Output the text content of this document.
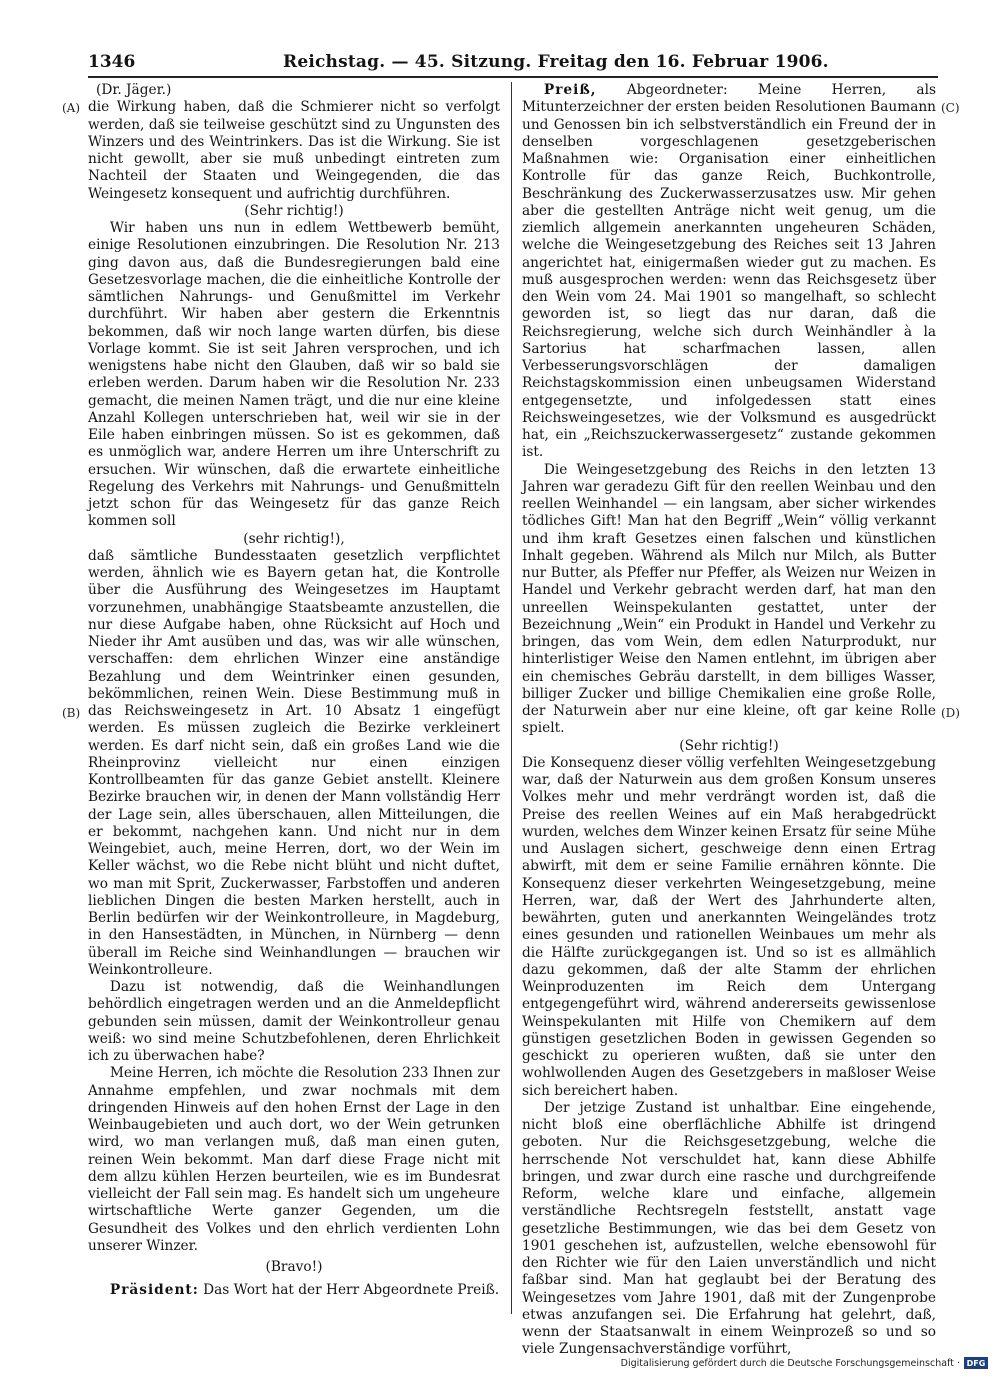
1346	Reichstag. — 45. Sitzung. Freitag den 16. Februar 1906.
(A)
(B)
(C)
(D)

(Dr. Jäger.)

die Wirkung haben, daß die Schmierer nicht so verfolgt werden, daß sie teilweise geschützt sind zu Ungunsten des Winzers und des Weintrinkers. Das ist die Wirkung. Sie ist nicht gewollt, aber sie muß unbedingt eintreten zum Nachteil der Staaten und Weingegenden, die das Weingesetz konsequent und aufrichtig durchführen.

(Sehr richtig!)

Wir haben uns nun in edlem Wettbewerb bemüht, einige Resolutionen einzubringen. Die Resolution Nr. 213 ging davon aus, daß die Bundesregierungen bald eine Gesetzesvorlage machen, die die einheitliche Kontrolle der sämtlichen Nahrungs- und Genußmittel im Verkehr durchführt. Wir haben aber gestern die Erkenntnis bekommen, daß wir noch lange warten dürfen, bis diese Vorlage kommt. Sie ist seit Jahren versprochen, und ich wenigstens habe nicht den Glauben, daß wir so bald sie erleben werden. Darum haben wir die Resolution Nr. 233 gemacht, die meinen Namen trägt, und die nur eine kleine Anzahl Kollegen unterschrieben hat, weil wir sie in der Eile haben einbringen müssen. So ist es gekommen, daß es unmöglich war, andere Herren um ihre Unterschrift zu ersuchen. Wir wünschen, daß die erwartete einheitliche Regelung des Verkehrs mit Nahrungs- und Genußmitteln jetzt schon für das Weingesetz für das ganze Reich kommen soll

(sehr richtig!),

daß sämtliche Bundesstaaten gesetzlich verpflichtet werden, ähnlich wie es Bayern getan hat, die Kontrolle über die Ausführung des Weingesetzes im Hauptamt vorzunehmen, unabhängige Staatsbeamte anzustellen, die nur diese Aufgabe haben, ohne Rücksicht auf Hoch und Nieder ihr Amt ausüben und das, was wir alle wünschen, verschaffen: dem ehrlichen Winzer eine anständige Bezahlung und dem Weintrinker einen gesunden, bekömmlichen, reinen Wein. Diese Bestimmung muß in das Reichsweingesetz in Art. 10 Absatz 1 eingefügt werden. Es müssen zugleich die Bezirke verkleinert werden. Es darf nicht sein, daß ein großes Land wie die Rheinprovinz vielleicht nur einen einzigen Kontrollbeamten für das ganze Gebiet anstellt. Kleinere Bezirke brauchen wir, in denen der Mann vollständig Herr der Lage sein, alles überschauen, allen Mitteilungen, die er bekommt, nachgehen kann. Und nicht nur in dem Weingebiet, auch, meine Herren, dort, wo der Wein im Keller wächst, wo die Rebe nicht blüht und nicht duftet, wo man mit Sprit, Zuckerwasser, Farbstoffen und anderen lieblichen Dingen die besten Marken herstellt, auch in Berlin bedürfen wir der Weinkontrolleure, in Magdeburg, in den Hansestädten, in München, in Nürnberg — denn überall im Reiche sind Weinhandlungen — brauchen wir Weinkontrolleure.

Dazu ist notwendig, daß die Weinhandlungen behördlich eingetragen werden und an die Anmeldepflicht gebunden sein müssen, damit der Weinkontrolleur genau weiß: wo sind meine Schutzbefohlenen, deren Ehrlichkeit ich zu überwachen habe?

Meine Herren, ich möchte die Resolution 233 Ihnen zur Annahme empfehlen, und zwar nochmals mit dem dringenden Hinweis auf den hohen Ernst der Lage in den Weinbaugebieten und auch dort, wo der Wein getrunken wird, wo man verlangen muß, daß man einen guten, reinen Wein bekommt. Man darf diese Frage nicht mit dem allzu kühlen Herzen beurteilen, wie es im Bundesrat vielleicht der Fall sein mag. Es handelt sich um ungeheure wirtschaftliche Werte ganzer Gegenden, um die Gesundheit des Volkes und den ehrlich verdienten Lohn unserer Winzer.

(Bravo!)

Präsident: Das Wort hat der Herr Abgeordnete Preiß.

Preiß, Abgeordneter: Meine Herren, als Mitunterzeichner der ersten beiden Resolutionen Baumann und Genossen bin ich selbstverständlich ein Freund der in denselben vorgeschlagenen gesetzgeberischen Maßnahmen wie: Organisation einer einheitlichen Kontrolle für das ganze Reich, Buchkontrolle, Beschränkung des Zuckerwasserzusatzes usw. Mir gehen aber die gestellten Anträge nicht weit genug, um die ziemlich allgemein anerkannten ungeheuren Schäden, welche die Weingesetzgebung des Reiches seit 13 Jahren angerichtet hat, einigermaßen wieder gut zu machen. Es muß ausgesprochen werden: wenn das Reichsgesetz über den Wein vom 24. Mai 1901 so mangelhaft, so schlecht geworden ist, so liegt das nur daran, daß die Reichsregierung, welche sich durch Weinhändler à la Sartorius hat scharfmachen lassen, allen Verbesserungsvorschlägen der damaligen Reichstagskommission einen unbeugsamen Widerstand entgegensetzte, und infolgedessen statt eines Reichsweingesetzes, wie der Volksmund es ausgedrückt hat, ein „Reichszuckerwassergesetz“ zustande gekommen ist.

Die Weingesetzgebung des Reichs in den letzten 13 Jahren war geradezu Gift für den reellen Weinbau und den reellen Weinhandel — ein langsam, aber sicher wirkendes tödliches Gift! Man hat den Begriff „Wein“ völlig verkannt und ihm kraft Gesetzes einen falschen und künstlichen Inhalt gegeben. Während als Milch nur Milch, als Butter nur Butter, als Pfeffer nur Pfeffer, als Weizen nur Weizen in Handel und Verkehr gebracht werden darf, hat man den unreellen Weinspekulanten gestattet, unter der Bezeichnung „Wein“ ein Produkt in Handel und Verkehr zu bringen, das vom Wein, dem edlen Naturprodukt, nur hinterlistiger Weise den Namen entlehnt, im übrigen aber ein chemisches Gebräu darstellt, in dem billiges Wasser, billiger Zucker und billige Chemikalien eine große Rolle, der Naturwein aber nur eine kleine, oft gar keine Rolle spielt.

(Sehr richtig!)

Die Konsequenz dieser völlig verfehlten Weingesetzgebung war, daß der Naturwein aus dem großen Konsum unseres Volkes mehr und mehr verdrängt worden ist, daß die Preise des reellen Weines auf ein Maß herabgedrückt wurden, welches dem Winzer keinen Ersatz für seine Mühe und Auslagen sichert, geschweige denn einen Ertrag abwirft, mit dem er seine Familie ernähren könnte. Die Konsequenz dieser verkehrten Weingesetzgebung, meine Herren, war, daß der Wert des Jahrhunderte alten, bewährten, guten und anerkannten Weingeländes trotz eines gesunden und rationellen Weinbaues um mehr als die Hälfte zurückgegangen ist. Und so ist es allmählich dazu gekommen, daß der alte Stamm der ehrlichen Weinproduzenten im Reich dem Untergang entgegengeführt wird, während andererseits gewissenlose Weinspekulanten mit Hilfe von Chemikern auf dem günstigen gesetzlichen Boden in gewissen Gegenden so geschickt zu operieren wußten, daß sie unter den wohlwollenden Augen des Gesetzgebers in maßloser Weise sich bereichert haben.

Der jetzige Zustand ist unhaltbar. Eine eingehende, nicht bloß eine oberflächliche Abhilfe ist dringend geboten. Nur die Reichsgesetzgebung, welche die herrschende Not verschuldet hat, kann diese Abhilfe bringen, und zwar durch eine rasche und durchgreifende Reform, welche klare und einfache, allgemein verständliche Rechtsregeln feststellt, anstatt vage gesetzliche Bestimmungen, wie das bei dem Gesetz von 1901 geschehen ist, aufzustellen, welche ebensowohl für den Richter wie für den Laien unverständlich und nicht faßbar sind. Man hat geglaubt bei der Beratung des Weingesetzes vom Jahre 1901, daß mit der Zungenprobe etwas anzufangen sei. Die Erfahrung hat gelehrt, daß, wenn der Staatsanwalt in einem Weinprozeß so und so viele Zungensachverständige vorführt,

Digitalisierung gefördert durch die Deutsche Forschungsgemeinschaft · DFG
